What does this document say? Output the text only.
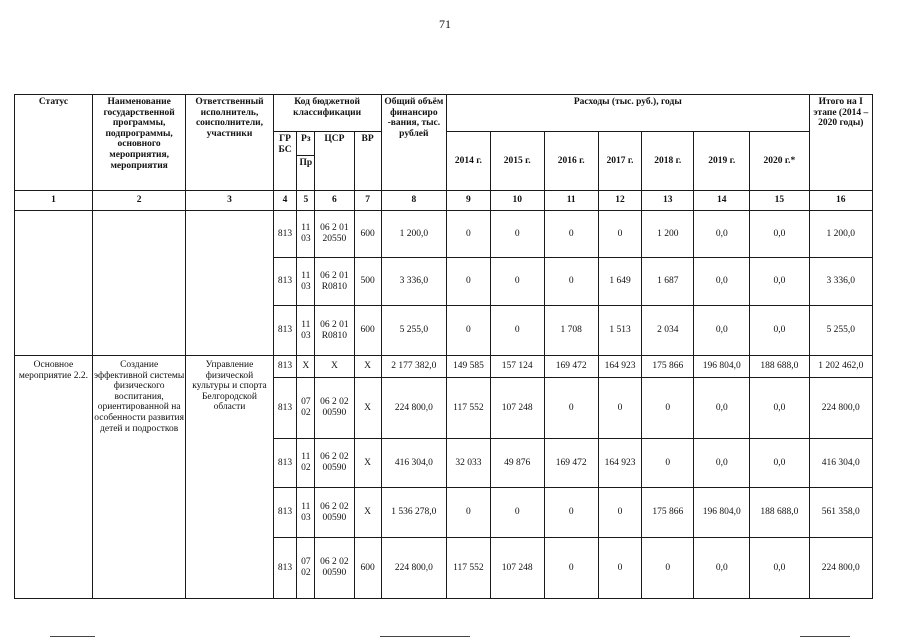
71
Статус	Наименование государственной программы, подпрограммы, основного мероприятия, мероприятия	Ответственный исполнитель, соисполнители, участники	Код бюджетной классификации				Общий объём финансиро -вания, тыс. рублей	Расходы (тыс. руб.), годы							Итого на I этапе (2014 – 2020 годы)
			ГР БС	Рз	ЦСР	ВР		2014 г.	2015 г.	2016 г.	2017 г.	2018 г.	2019 г.	2020 г.*	
				Пр											
1	2	3	4	5	6	7	8	9	10	11	12	13	14	15	16
			813	11 03	06 2 01 20550	600	1 200,0	0	0	0	0	1 200	0,0	0,0	1 200,0
			813	11 03	06 2 01 R0810	500	3 336,0	0	0	0	1 649	1 687	0,0	0,0	3 336,0
			813	11 03	06 2 01 R0810	600	5 255,0	0	0	1 708	1 513	2 034	0,0	0,0	5 255,0
Основное мероприятие 2.2.	Создание эффективной системы физического воспитания, ориентированной на особенности развития детей и подростков	Управление физической культуры и спорта Белгородской области	813	X	X	X	2 177 382,0	149 585	157 124	169 472	164 923	175 866	196 804,0	188 688,0	1 202 462,0
			813	07 02	06 2 02 00590	X	224 800,0	117 552	107 248	0	0	0	0,0	0,0	224 800,0
			813	11 02	06 2 02 00590	X	416 304,0	32 033	49 876	169 472	164 923	0	0,0	0,0	416 304,0
			813	11 03	06 2 02 00590	X	1 536 278,0	0	0	0	0	175 866	196 804,0	188 688,0	561 358,0
			813	07 02	06 2 02 00590	600	224 800,0	117 552	107 248	0	0	0	0,0	0,0	224 800,0
